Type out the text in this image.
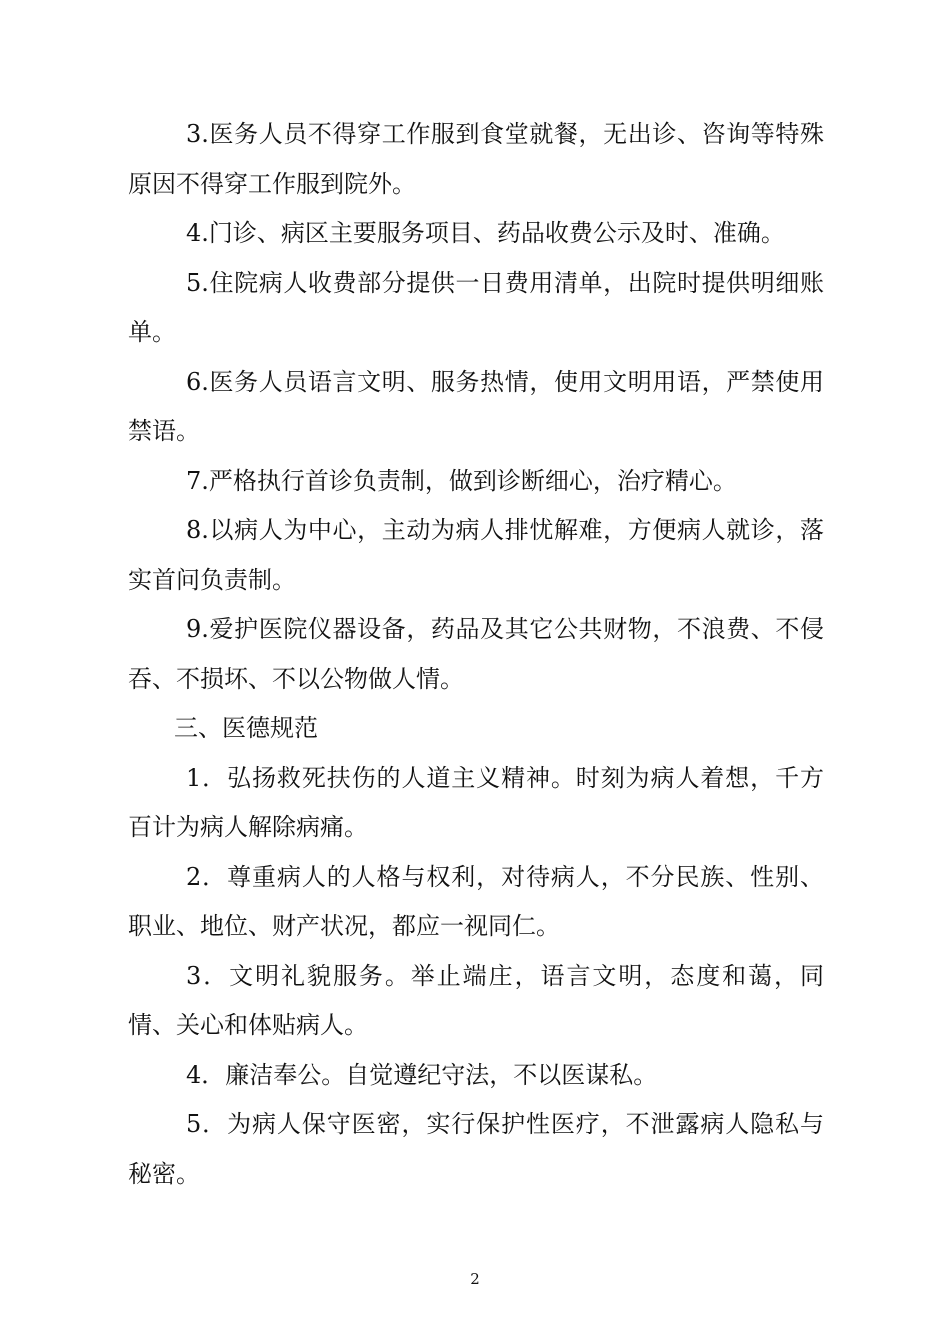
3.医务人员不得穿工作服到食堂就餐，无出诊、咨询等特殊原因不得穿工作服到院外。

4.门诊、病区主要服务项目、药品收费公示及时、准确。

5.住院病人收费部分提供一日费用清单，出院时提供明细账单。

6.医务人员语言文明、服务热情，使用文明用语，严禁使用禁语。

7.严格执行首诊负责制，做到诊断细心，治疗精心。

8.以病人为中心，主动为病人排忧解难，方便病人就诊，落实首问负责制。

9.爱护医院仪器设备，药品及其它公共财物，不浪费、不侵吞、不损坏、不以公物做人情。

三、医德规范

1．弘扬救死扶伤的人道主义精神。时刻为病人着想，千方百计为病人解除病痛。

2．尊重病人的人格与权利，对待病人，不分民族、性别、职业、地位、财产状况，都应一视同仁。

3．文明礼貌服务。举止端庄，语言文明，态度和蔼，同情、关心和体贴病人。

4．廉洁奉公。自觉遵纪守法，不以医谋私。

5．为病人保守医密，实行保护性医疗，不泄露病人隐私与秘密。

2
